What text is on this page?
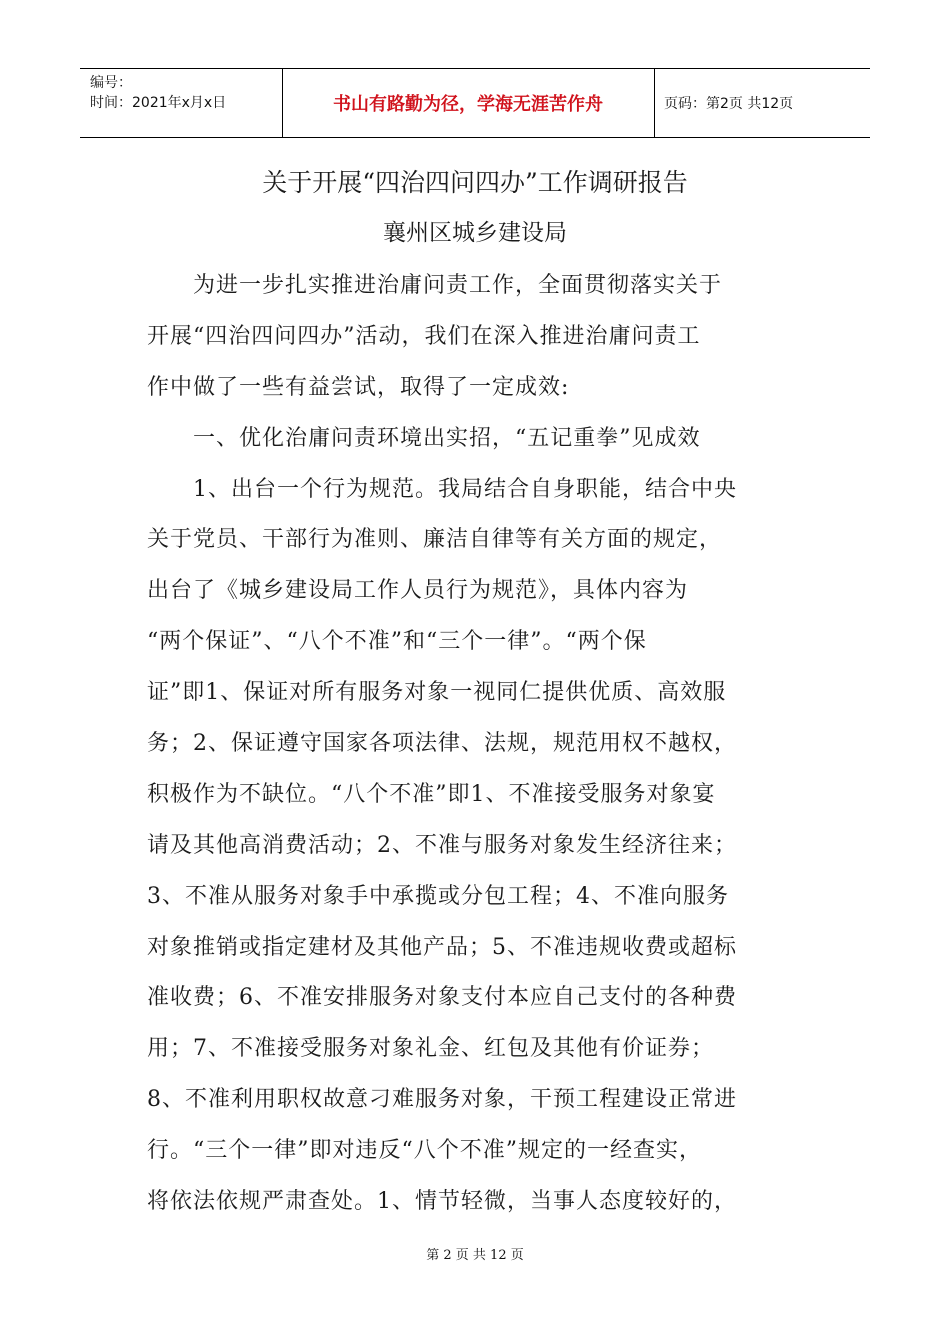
编号：
时间：2021年x月x日	书山有路勤为径，学海无涯苦作舟	页码：第2页 共12页
关于开展“四治四问四办”工作调研报告
襄州区城乡建设局
　　为进一步扎实推进治庸问责工作，全面贯彻落实关于
开展“四治四问四办”活动，我们在深入推进治庸问责工
作中做了一些有益尝试，取得了一定成效:
　　一、优化治庸问责环境出实招，“五记重拳”见成效
　　1、出台一个行为规范。我局结合自身职能，结合中央
关于党员、干部行为准则、廉洁自律等有关方面的规定，
出台了《城乡建设局工作人员行为规范》，具体内容为
“两个保证”、“八个不准”和“三个一律”。“两个保
证”即1、保证对所有服务对象一视同仁提供优质、高效服
务；2、保证遵守国家各项法律、法规，规范用权不越权，
积极作为不缺位。“八个不准”即1、不准接受服务对象宴
请及其他高消费活动；2、不准与服务对象发生经济往来；
3、不准从服务对象手中承揽或分包工程；4、不准向服务
对象推销或指定建材及其他产品；5、不准违规收费或超标
准收费；6、不准安排服务对象支付本应自己支付的各种费
用；7、不准接受服务对象礼金、红包及其他有价证券；
8、不准利用职权故意刁难服务对象，干预工程建设正常进
行。“三个一律”即对违反“八个不准”规定的一经查实，
将依法依规严肃查处。1、情节轻微，当事人态度较好的，
第 2 页 共 12 页
